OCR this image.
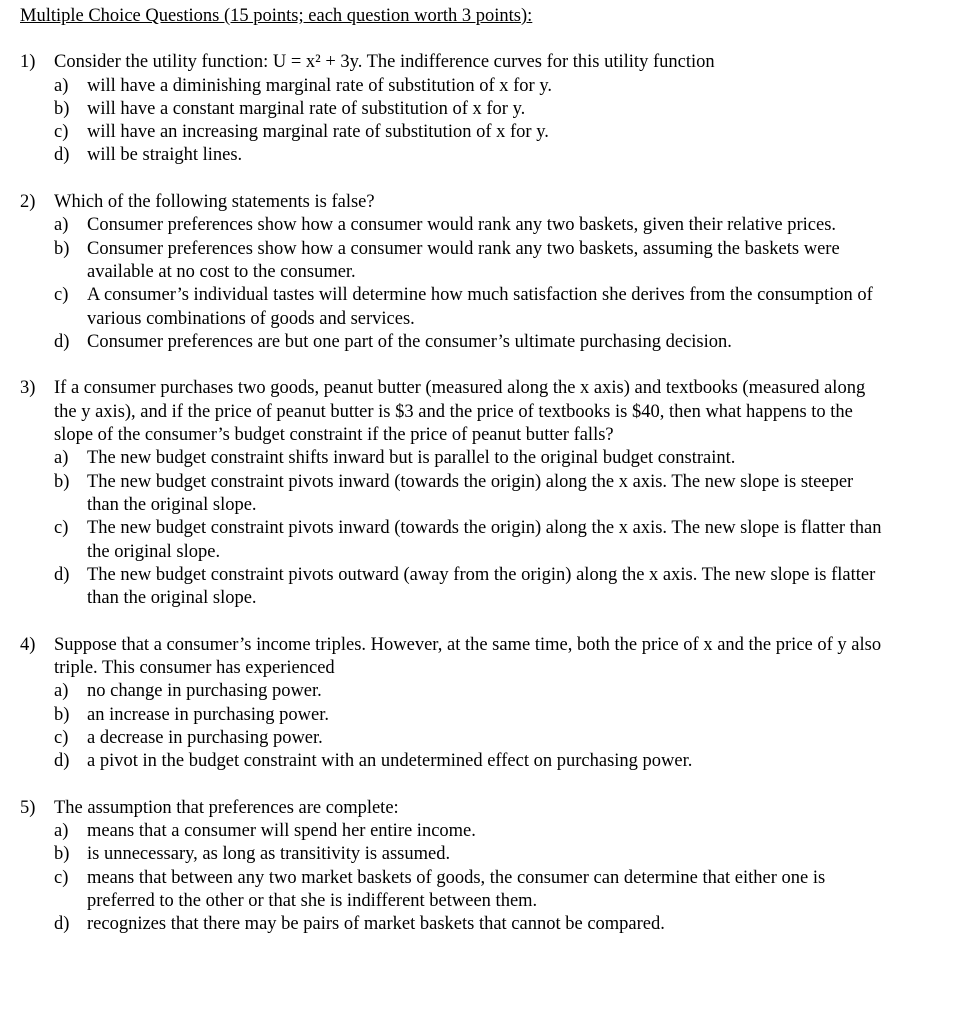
Multiple Choice Questions (15 points; each question worth 3 points):
1)	Consider the utility function: U = x² + 3y. The indifference curves for this utility function
a)	will have a diminishing marginal rate of substitution of x for y.
b) will have a constant marginal rate of substitution of x for y.
c)	will have an increasing marginal rate of substitution of x for y.
d) will be straight lines.
2)	Which of the following statements is false?
a)	Consumer preferences show how a consumer would rank any two baskets, given their relative prices.
b) Consumer preferences show how a consumer would rank any two baskets, assuming the baskets were available at no cost to the consumer.
c)	A consumer’s individual tastes will determine how much satisfaction she derives from the consumption of various combinations of goods and services.
d) Consumer preferences are but one part of the consumer’s ultimate purchasing decision.
3)	If a consumer purchases two goods, peanut butter (measured along the x axis) and textbooks (measured along the y axis), and if the price of peanut butter is $3 and the price of textbooks is $40, then what happens to the slope of the consumer’s budget constraint if the price of peanut butter falls?
a)	The new budget constraint shifts inward but is parallel to the original budget constraint.
b) The new budget constraint pivots inward (towards the origin) along the x axis. The new slope is steeper than the original slope.
c)	The new budget constraint pivots inward (towards the origin) along the x axis. The new slope is flatter than the original slope.
d) The new budget constraint pivots outward (away from the origin) along the x axis. The new slope is flatter than the original slope.
4)	Suppose that a consumer’s income triples. However, at the same time, both the price of x and the price of y also triple. This consumer has experienced
a)	no change in purchasing power.
b) an increase in purchasing power.
c)	a decrease in purchasing power.
d) a pivot in the budget constraint with an undetermined effect on purchasing power.
5)	The assumption that preferences are complete:
a)	means that a consumer will spend her entire income.
b) is unnecessary, as long as transitivity is assumed.
c)	means that between any two market baskets of goods, the consumer can determine that either one is preferred to the other or that she is indifferent between them.
d) recognizes that there may be pairs of market baskets that cannot be compared.
